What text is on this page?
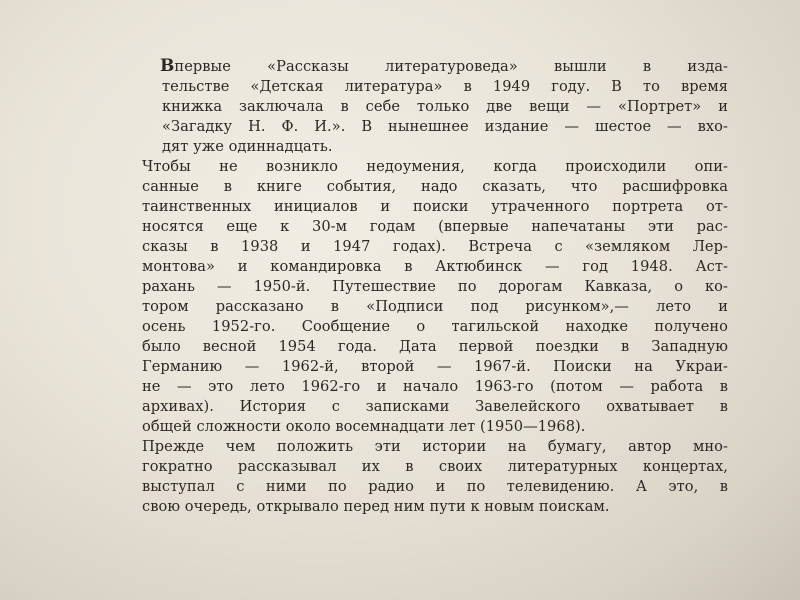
Впервые «Рассказы литературоведа» вышли в изда-
тельстве «Детская литература» в 1949 году. В то время
книжка заключала в себе только две вещи — «Портрет» и
«Загадку Н. Ф. И.». В нынешнее издание — шестое — вхо-
дят уже одиннадцать.

Чтобы не возникло недоумения, когда происходили опи-
санные в книге события, надо сказать, что расшифровка
таинственных инициалов и поиски утраченного портрета от-
носятся еще к 30-м годам (впервые напечатаны эти рас-
сказы в 1938 и 1947 годах). Встреча с «земляком Лер-
монтова» и командировка в Актюбинск — год 1948. Аст-
рахань — 1950-й. Путешествие по дорогам Кавказа, о ко-
тором рассказано в «Подписи под рисунком»,— лето и
осень 1952-го. Сообщение о тагильской находке получено
было весной 1954 года. Дата первой поездки в Западную
Германию — 1962-й, второй — 1967-й. Поиски на Украи-
не — это лето 1962-го и начало 1963-го (потом — работа в
архивах). История с записками Завелейского охватывает в
общей сложности около восемнадцати лет (1950—1968).

Прежде чем положить эти истории на бумагу, автор мно-
гократно рассказывал их в своих литературных концертах,
выступал с ними по радио и по телевидению. А это, в
свою очередь, открывало перед ним пути к новым поискам.
